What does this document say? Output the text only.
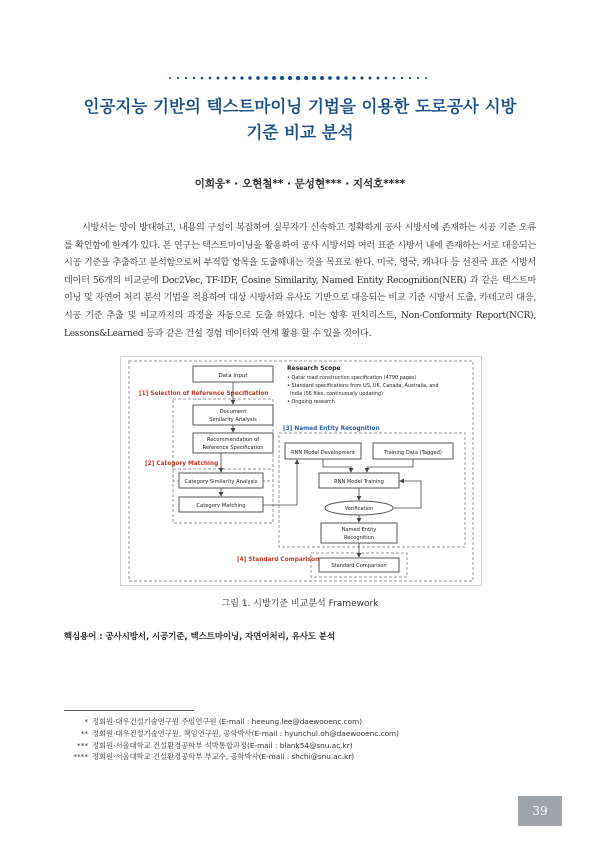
인공지능 기반의 텍스트마이닝 기법을 이용한 도로공사 시방
기준 비교 분석
이희웅* · 오현철** · 문성현*** · 지석호****

시방서는 양이 방대하고, 내용의 구성이 복잡하여 실무자가 신속하고 정확하게 공사 시방서에 존재하는 시공 기준 오류를 확인함에 한계가 있다. 본 연구는 텍스트마이닝을 활용하여 공사 시방서와 여러 표준 시방서 내에 존재하는 서로 대응되는 시공 기준을 추출하고 분석함으로써 부적합 항목을 도출해내는 것을 목표로 한다. 미국, 영국, 캐나다 등 선진국 표준 시방서 데이터 56개의 비교군에 Doc2Vec, TF-IDF, Cosine Similarity, Named Entity Recognition(NER) 과 같은 텍스트마이닝 및 자연어 처리 분석 기법을 적용하여 대상 시방서와 유사도 기반으로 대응되는 비교 기준 시방서 도출, 카테고리 대응, 시공 기준 추출 및 비교까지의 과정을 자동으로 도출 하였다. 이는 향후 펀치리스트, Non-Conformity Report(NCR), Lessons&Learned 등과 같은 건설 경험 데이터와 연계 활용 할 수 있을 것이다.

Data Input
Research Scope
• Qatar road construction specification (4790 pages)
• Standard specifications from US, UK, Canada, Australia, and
India (56 files, continuously updating)
• Ongoing research
[1] Selection of Reference Specification
Document
Similarity Analysis
Recommendation of
Reference Specification
[2] Category Matching
Category Similarity Analysis
Category Matching
[3] Named Entity Recognition
RNN Model Development	Training Data (Tagged)
RNN Model Training
Verification
Named Entity
Recognition
[4] Standard Comparison
Standard Comparison
그림 1. 시방기준 비교분석 Framework
핵심용어 : 공사시방서, 시공기준, 텍스트마이닝, 자연어처리, 유사도 분석
* 정회원·대우건설기술연구원 주임연구원 (E-mail : heeung.lee@daewooenc.com)
** 정회원·대우건설기술연구원, 책임연구원, 공학박사(E-mail : hyunchul.oh@daewooenc.com)
*** 정회원·서울대학교 건설환경공학부 석박통합과정(E-mail : blank54@snu.ac.kr)
**** 정회원·서울대학교 건설환경공학부 부교수, 공학박사(E-mail : shchi@snu.ac.kr)
39
